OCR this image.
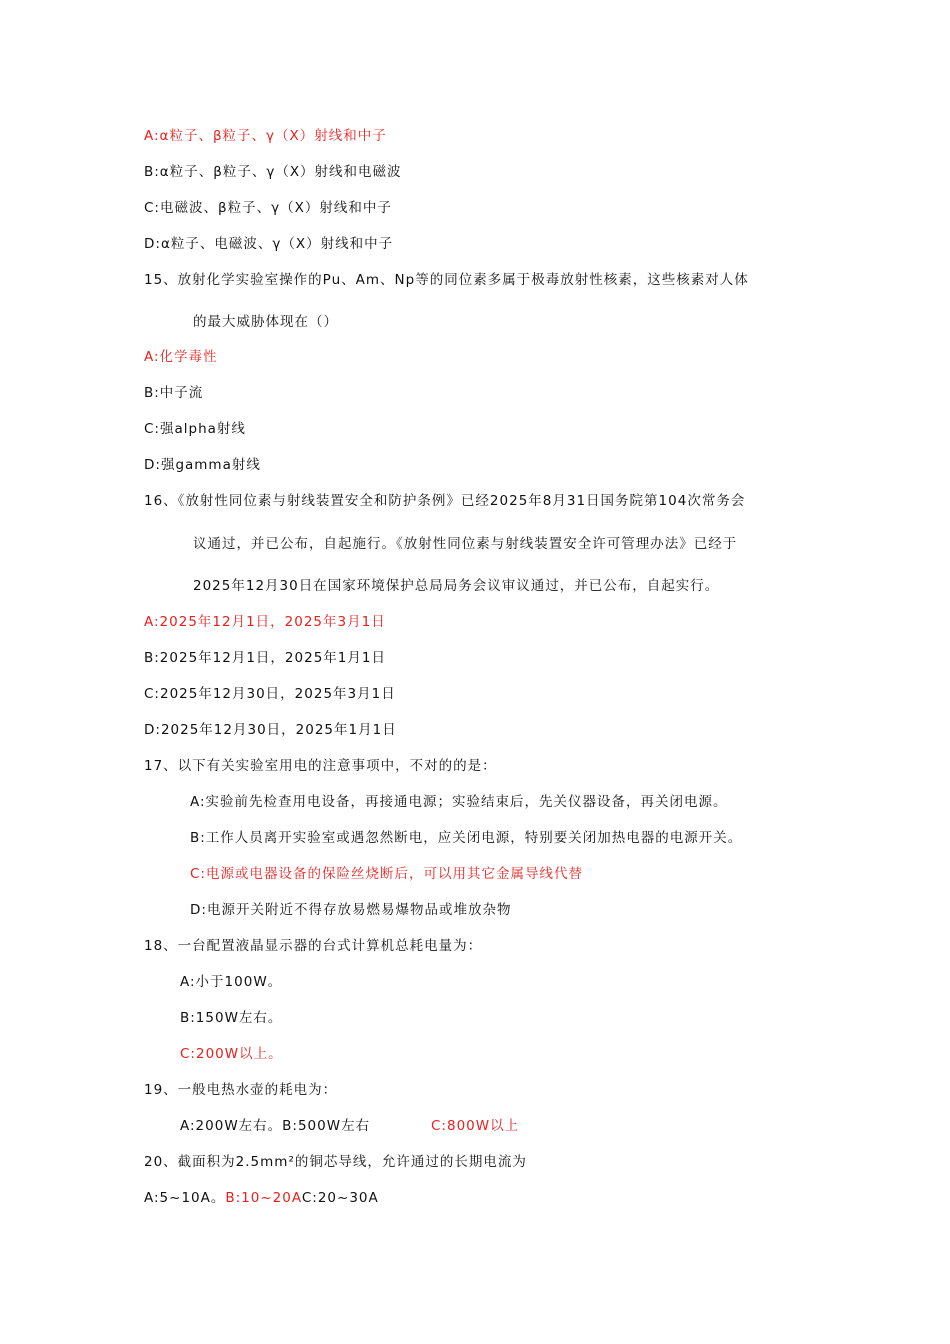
A:α粒子、β粒子、γ（X）射线和中子
B:α粒子、β粒子、γ（X）射线和电磁波
C:电磁波、β粒子、γ（X）射线和中子
D:α粒子、电磁波、γ（X）射线和中子
15、放射化学实验室操作的Pu、Am、Np等的同位素多属于极毒放射性核素，这些核素对人体
的最大威胁体现在（）
A:化学毒性
B:中子流
C:强alpha射线
D:强gamma射线
16、《放射性同位素与射线装置安全和防护条例》已经2025年8月31日国务院第104次常务会
议通过，并已公布，自起施行。《放射性同位素与射线装置安全许可管理办法》已经于
2025年12月30日在国家环境保护总局局务会议审议通过，并已公布，自起实行。
A:2025年12月1日，2025年3月1日
B:2025年12月1日，2025年1月1日
C:2025年12月30日，2025年3月1日
D:2025年12月30日，2025年1月1日
17、以下有关实验室用电的注意事项中，不对的的是：
A:实验前先检查用电设备，再接通电源；实验结束后，先关仪器设备，再关闭电源。
B:工作人员离开实验室或遇忽然断电，应关闭电源，特别要关闭加热电器的电源开关。
C:电源或电器设备的保险丝烧断后，可以用其它金属导线代替
D:电源开关附近不得存放易燃易爆物品或堆放杂物
18、一台配置液晶显示器的台式计算机总耗电量为：
A:小于100W。
B:150W左右。
C:200W以上。
19、一般电热水壶的耗电为：
A:200W左右。B:500W左右	C:800W以上
20、截面积为2.5mm²的铜芯导线，允许通过的长期电流为
A:5~10A。B:10~20AC:20~30A
